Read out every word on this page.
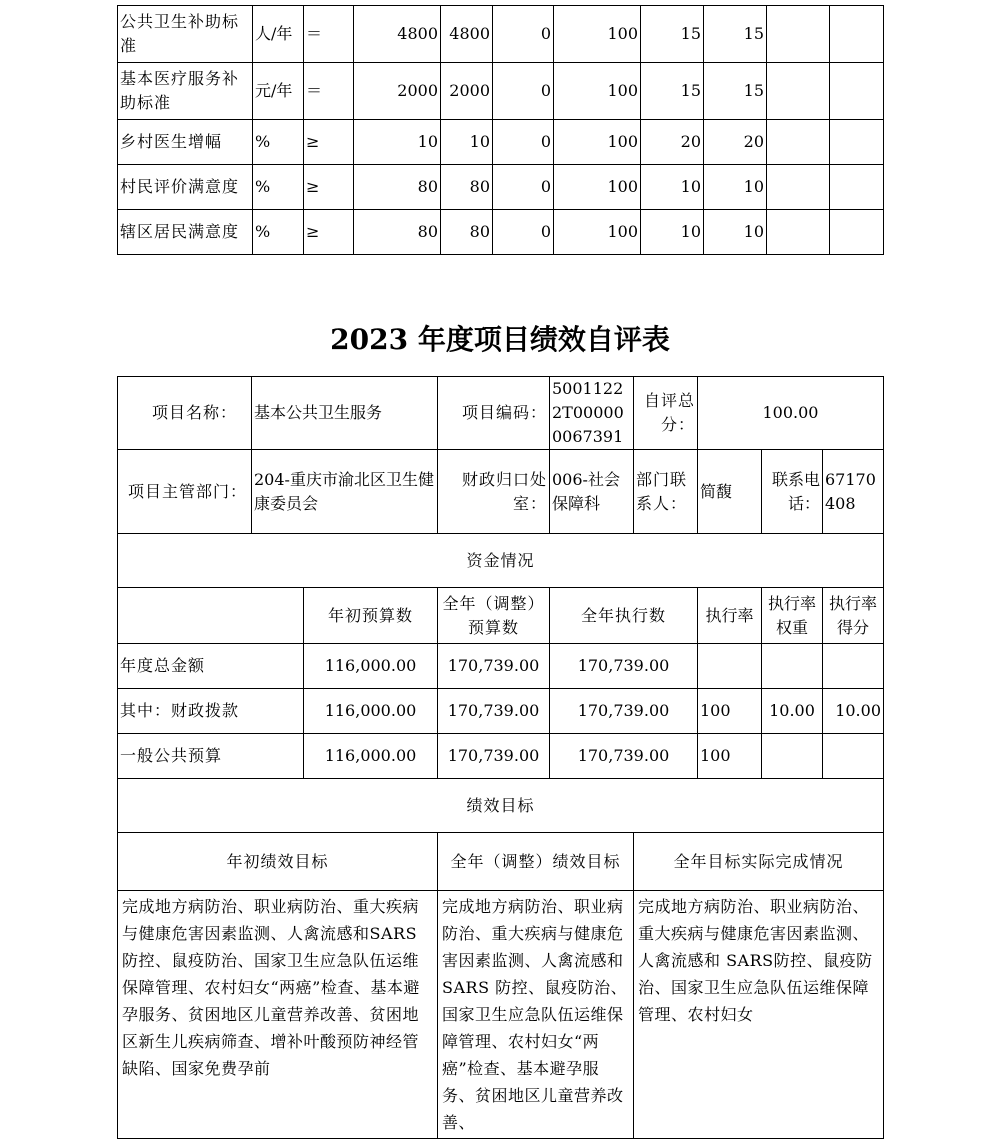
公共卫生补助标准	人/年	＝	4800	4800	0	100	15	15		
基本医疗服务补助标准	元/年	＝	2000	2000	0	100	15	15		
乡村医生增幅	%	≥	10	10	0	100	20	20		
村民评价满意度	%	≥	80	80	0	100	10	10		
辖区居民满意度	%	≥	80	80	0	100	10	10		
2023 年度项目绩效自评表
项目名称：	基本公共卫生服务		项目编码：	50011222T000000067391	自评总分：	100.00		
项目主管部门：	204-重庆市渝北区卫生健康委员会		财政归口处室：	006-社会保障科	部门联系人：	简馥	联系电话：	67170408
资金情况								
		年初预算数	全年（调整）预算数	全年执行数		执行率	执行率权重	执行率得分
年度总金额		116,000.00	170,739.00	170,739.00				
其中：财政拨款		116,000.00	170,739.00	170,739.00		100	10.00	10.00
一般公共预算		116,000.00	170,739.00	170,739.00		100		
绩效目标								
年初绩效目标			全年（调整）绩效目标		全年目标实际完成情况			
完成地方病防治、职业病防治、重大疾病与健康危害因素监测、人禽流感和SARS 防控、鼠疫防治、国家卫生应急队伍运维保障管理、农村妇女“两癌”检查、基本避孕服务、贫困地区儿童营养改善、贫困地区新生儿疾病筛查、增补叶酸预防神经管缺陷、国家免费孕前			完成地方病防治、职业病防治、重大疾病与健康危害因素监测、人禽流感和 SARS 防控、鼠疫防治、国家卫生应急队伍运维保障管理、农村妇女“两癌”检查、基本避孕服务、贫困地区儿童营养改善、		完成地方病防治、职业病防治、重大疾病与健康危害因素监测、人禽流感和 SARS防控、鼠疫防治、国家卫生应急队伍运维保障管理、农村妇女			
